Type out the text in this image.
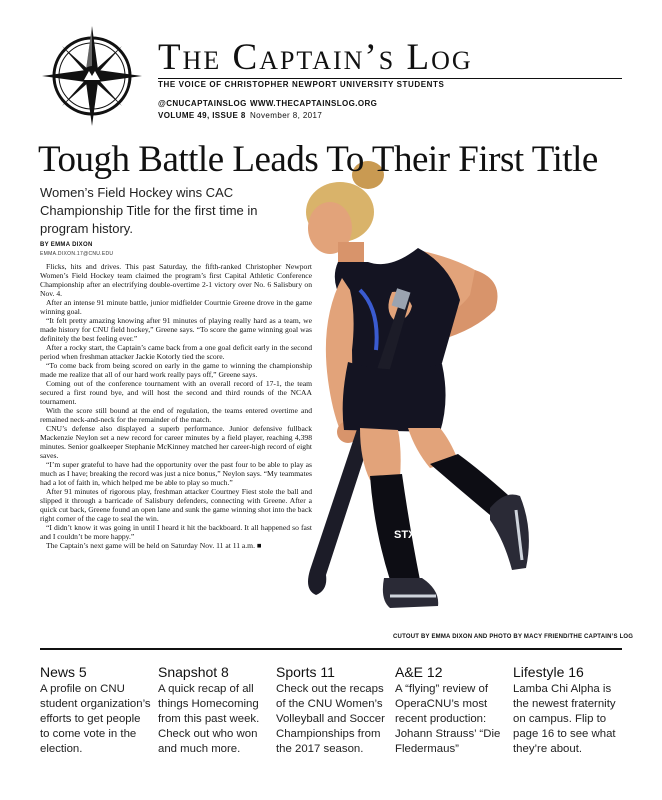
The Captain’s Log
THE VOICE OF CHRISTOPHER NEWPORT UNIVERSITY STUDENTS
@CNUCAPTAINSLOG WWW.THECAPTAINSLOG.ORG
VOLUME 49, ISSUE 8 November 8, 2017
STX
Tough Battle Leads To Their First Title
Women’s Field Hockey wins CAC Championship Title for the first time in program history.
BY EMMA DIXON
EMMA.DIXON.17@CNU.EDU

Flicks, hits and drives. This past Saturday, the fifth-ranked Christopher Newport Women’s Field Hockey team claimed the program’s first Capital Athletic Conference Championship after an electrifying double-overtime 2-1 victory over No. 6 Salisbury on Nov. 4.

After an intense 91 minute battle, junior midfielder Courtnie Greene drove in the game winning goal.

“It felt pretty amazing knowing after 91 minutes of playing really hard as a team, we made history for CNU field hockey,” Greene says. “To score the game winning goal was definitely the best feeling ever.”

After a rocky start, the Captain’s came back from a one goal deficit early in the second period when freshman attacker Jackie Kotorly tied the score.

“To come back from being scored on early in the game to winning the championship made me realize that all of our hard work really pays off,” Greene says.

Coming out of the conference tournament with an overall record of 17-1, the team secured a first round bye, and will host the second and third rounds of the NCAA tournament.

With the score still bound at the end of regulation, the teams entered overtime and remained neck-and-neck for the remainder of the match.

CNU’s defense also displayed a superb performance. Junior defensive fullback Mackenzie Neylon set a new record for career minutes by a field player, reaching 4,398 minutes. Senior goalkeeper Stephanie McKinney matched her career-high record of eight saves.

“I’m super grateful to have had the opportunity over the past four to be able to play as much as I have; breaking the record was just a nice bonus,” Neylon says. “My teammates had a lot of faith in, which helped me be able to play so much.”

After 91 minutes of rigorous play, freshman attacker Courtney Fiest stole the ball and slipped it through a barricade of Salisbury defenders, connecting with Greene. After a quick cut back, Greene found an open lane and sunk the game winning shot into the back right corner of the cage to seal the win.

“I didn’t know it was going in until I heard it hit the backboard. It all happened so fast and I couldn’t be more happy.”

The Captain’s next game will be held on Saturday Nov. 11 at 11 a.m. ■

CUTOUT BY EMMA DIXON AND PHOTO BY MACY FRIEND/THE CAPTAIN’S LOG
News 5
A profile on CNU student organization’s efforts to get people to come vote in the election.
Snapshot 8
A quick recap of all things Homecoming from this past week. Check out who won and much more.
Sports 11
Check out the recaps of the CNU Women’s Volleyball and Soccer Championships from the 2017 season.
A&E 12
A “flying” review of OperaCNU’s most recent production: Johann Strauss’ “Die Fledermaus”
Lifestyle 16
Lamba Chi Alpha is the newest fraternity on campus. Flip to page 16 to see what they’re about.
